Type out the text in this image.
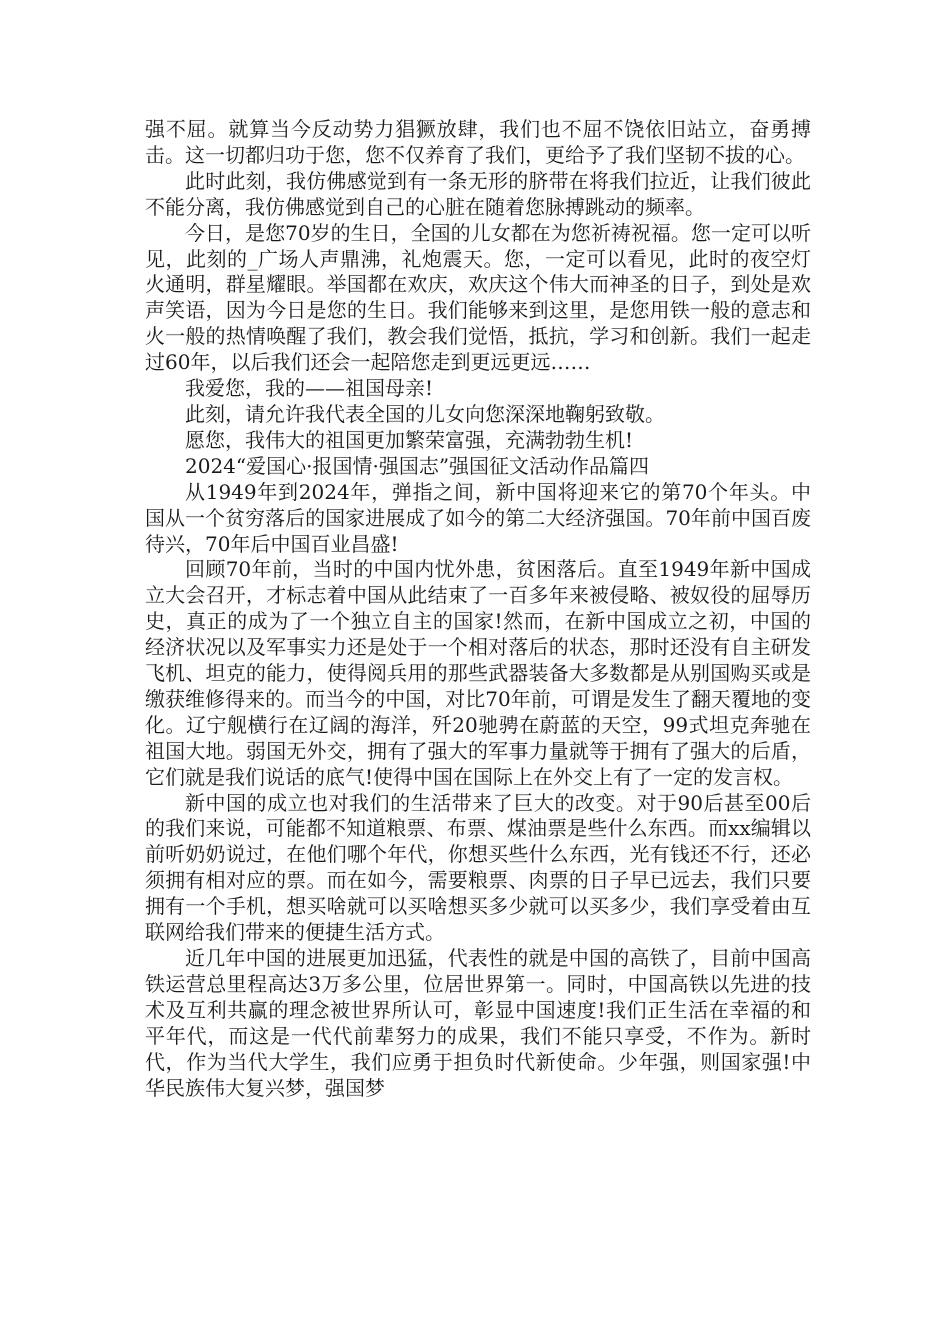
强不屈。就算当今反动势力猖獗放肆，我们也不屈不饶依旧站立，奋勇搏击。这一切都归功于您，您不仅养育了我们，更给予了我们坚韧不拔的心。

此时此刻，我仿佛感觉到有一条无形的脐带在将我们拉近，让我们彼此不能分离，我仿佛感觉到自己的心脏在随着您脉搏跳动的频率。

今日，是您70岁的生日，全国的儿女都在为您祈祷祝福。您一定可以听见，此刻的_广场人声鼎沸，礼炮震天。您，一定可以看见，此时的夜空灯火通明，群星耀眼。举国都在欢庆，欢庆这个伟大而神圣的日子，到处是欢声笑语，因为今日是您的生日。我们能够来到这里，是您用铁一般的意志和火一般的热情唤醒了我们，教会我们觉悟，抵抗，学习和创新。我们一起走过60年，以后我们还会一起陪您走到更远更远……

我爱您，我的——祖国母亲!

此刻，请允许我代表全国的儿女向您深深地鞠躬致敬。

愿您，我伟大的祖国更加繁荣富强，充满勃勃生机!

2024“爱国心·报国情·强国志”强国征文活动作品篇四

从1949年到2024年，弹指之间，新中国将迎来它的第70个年头。中国从一个贫穷落后的国家进展成了如今的第二大经济强国。70年前中国百废待兴，70年后中国百业昌盛!

回顾70年前，当时的中国内忧外患，贫困落后。直至1949年新中国成立大会召开，才标志着中国从此结束了一百多年来被侵略、被奴役的屈辱历史，真正的成为了一个独立自主的国家!然而，在新中国成立之初，中国的经济状况以及军事实力还是处于一个相对落后的状态，那时还没有自主研发飞机、坦克的能力，使得阅兵用的那些武器装备大多数都是从别国购买或是缴获维修得来的。而当今的中国，对比70年前，可谓是发生了翻天覆地的变化。辽宁舰横行在辽阔的海洋，歼20驰骋在蔚蓝的天空，99式坦克奔驰在祖国大地。弱国无外交，拥有了强大的军事力量就等于拥有了强大的后盾，它们就是我们说话的底气!使得中国在国际上在外交上有了一定的发言权。

新中国的成立也对我们的生活带来了巨大的改变。对于90后甚至00后的我们来说，可能都不知道粮票、布票、煤油票是些什么东西。而xx编辑以前听奶奶说过，在他们哪个年代，你想买些什么东西，光有钱还不行，还必须拥有相对应的票。而在如今，需要粮票、肉票的日子早已远去，我们只要拥有一个手机，想买啥就可以买啥想买多少就可以买多少，我们享受着由互联网给我们带来的便捷生活方式。

近几年中国的进展更加迅猛，代表性的就是中国的高铁了，目前中国高铁运营总里程高达3万多公里，位居世界第一。同时，中国高铁以先进的技术及互利共赢的理念被世界所认可，彰显中国速度!我们正生活在幸福的和平年代，而这是一代代前辈努力的成果，我们不能只享受，不作为。新时代，作为当代大学生，我们应勇于担负时代新使命。少年强，则国家强!中华民族伟大复兴梦，强国梦
